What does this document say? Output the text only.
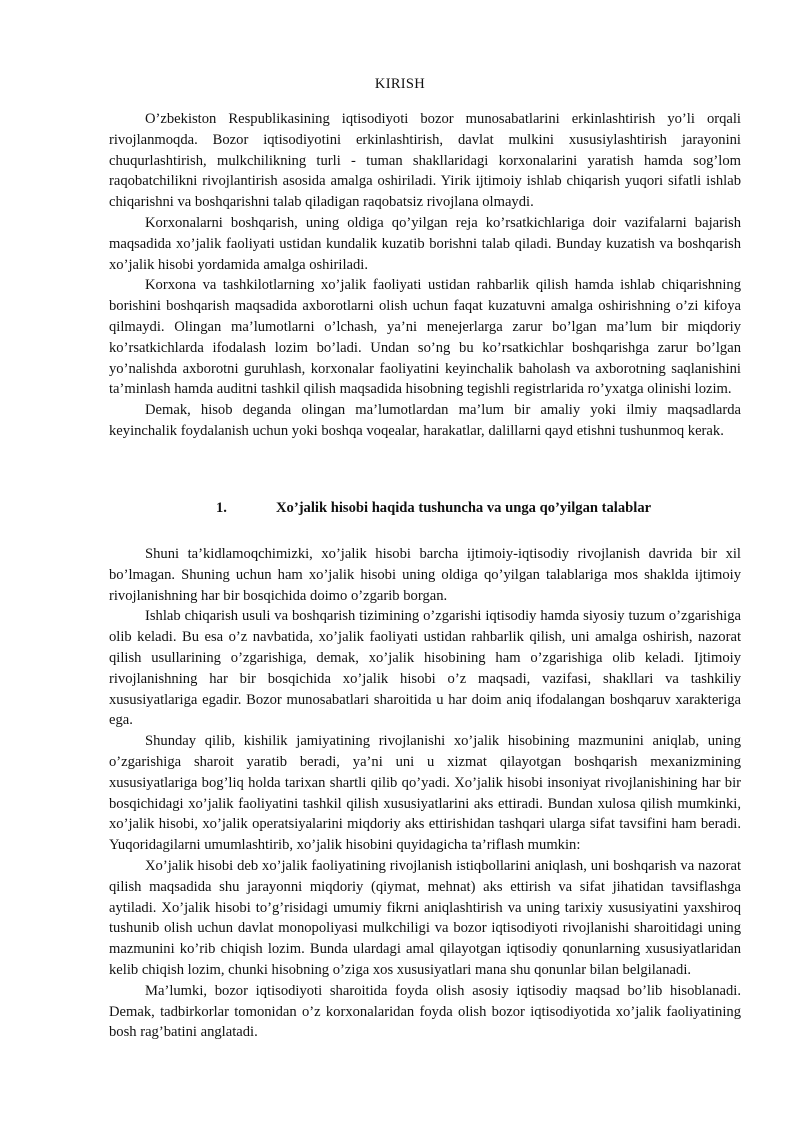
KIRISH

O’zbekiston Respublikasining iqtisodiyoti bozor munosabatlarini erkinlashtirish yo’li orqali rivojlanmoqda. Bozor iqtisodiyotini erkinlashtirish, davlat mulkini xususiylashtirish jarayonini chuqurlashtirish, mulkchilikning turli - tuman shakllaridagi korxonalarini yaratish hamda sog’lom raqobatchilikni rivojlantirish asosida amalga oshiriladi. Yirik ijtimoiy ishlab chiqarish yuqori sifatli ishlab chiqarishni va boshqarishni talab qiladigan raqobatsiz rivojlana olmaydi.

Korxonalarni boshqarish, uning oldiga qo’yilgan reja ko’rsatkichlariga doir vazifalarni bajarish maqsadida xo’jalik faoliyati ustidan kundalik kuzatib borishni talab qiladi. Bunday kuzatish va boshqarish xo’jalik hisobi yordamida amalga oshiriladi.

Korxona va tashkilotlarning xo’jalik faoliyati ustidan rahbarlik qilish hamda ishlab chiqarishning borishini boshqarish maqsadida axborotlarni olish uchun faqat kuzatuvni amalga oshirishning o’zi kifoya qilmaydi. Olingan ma’lumotlarni o’lchash, ya’ni menejerlarga zarur bo’lgan ma’lum bir miqdoriy ko’rsatkichlarda ifodalash lozim bo’ladi. Undan so’ng bu ko’rsatkichlar boshqarishga zarur bo’lgan yo’nalishda axborotni guruhlash, korxonalar faoliyatini keyinchalik baholash va axborotning saqlanishini ta’minlash hamda auditni tashkil qilish maqsadida hisobning tegishli registrlarida ro’yxatga olinishi lozim.

Demak, hisob deganda olingan ma’lumotlardan ma’lum bir amaliy yoki ilmiy maqsadlarda keyinchalik foydalanish uchun yoki boshqa voqealar, harakatlar, dalillarni qayd etishni tushunmoq kerak.

1.	Xo’jalik hisobi haqida tushuncha va unga qo’yilgan talablar

Shuni ta’kidlamoqchimizki, xo’jalik hisobi barcha ijtimoiy-iqtisodiy rivojlanish davrida bir xil bo’lmagan. Shuning uchun ham xo’jalik hisobi uning oldiga qo’yilgan talablariga mos shaklda ijtimoiy rivojlanishning har bir bosqichida doimo o’zgarib borgan.

Ishlab chiqarish usuli va boshqarish tizimining o’zgarishi iqtisodiy hamda siyosiy tuzum o’zgarishiga olib keladi. Bu esa o’z navbatida, xo’jalik faoliyati ustidan rahbarlik qilish, uni amalga oshirish, nazorat qilish usullarining o’zgarishiga, demak, xo’jalik hisobining ham o’zgarishiga olib keladi. Ijtimoiy rivojlanishning har bir bosqichida xo’jalik hisobi o’z maqsadi, vazifasi, shakllari va tashkiliy xususiyatlariga egadir. Bozor munosabatlari sharoitida u har doim aniq ifodalangan boshqaruv xarakteriga ega.

Shunday qilib, kishilik jamiyatining rivojlanishi xo’jalik hisobining mazmunini aniqlab, uning o’zgarishiga sharoit yaratib beradi, ya’ni uni u xizmat qilayotgan boshqarish mexanizmining xususiyatlariga bog’liq holda tarixan shartli qilib qo’yadi. Xo’jalik hisobi insoniyat rivojlanishining har bir bosqichidagi xo’jalik faoliyatini tashkil qilish xususiyatlarini aks ettiradi. Bundan xulosa qilish mumkinki, xo’jalik hisobi, xo’jalik operatsiyalarini miqdoriy aks ettirishidan tashqari ularga sifat tavsifini ham beradi. Yuqoridagilarni umumlashtirib, xo’jalik hisobini quyidagicha ta’riflash mumkin:

Xo’jalik hisobi deb xo’jalik faoliyatining rivojlanish istiqbollarini aniqlash, uni boshqarish va nazorat qilish maqsadida shu jarayonni miqdoriy (qiymat, mehnat) aks ettirish va sifat jihatidan tavsiflashga aytiladi. Xo’jalik hisobi to’g’risidagi umumiy fikrni aniqlashtirish va uning tarixiy xususiyatini yaxshiroq tushunib olish uchun davlat monopoliyasi mulkchiligi va bozor iqtisodiyoti rivojlanishi sharoitidagi uning mazmunini ko’rib chiqish lozim. Bunda ulardagi amal qilayotgan iqtisodiy qonunlarning xususiyatlaridan kelib chiqish lozim, chunki hisobning o’ziga xos xususiyatlari mana shu qonunlar bilan belgilanadi.

Ma’lumki, bozor iqtisodiyoti sharoitida foyda olish asosiy iqtisodiy maqsad bo’lib hisoblanadi. Demak, tadbirkorlar tomonidan o’z korxonalaridan foyda olish bozor iqtisodiyotida xo’jalik faoliyatining bosh rag’batini anglatadi.
